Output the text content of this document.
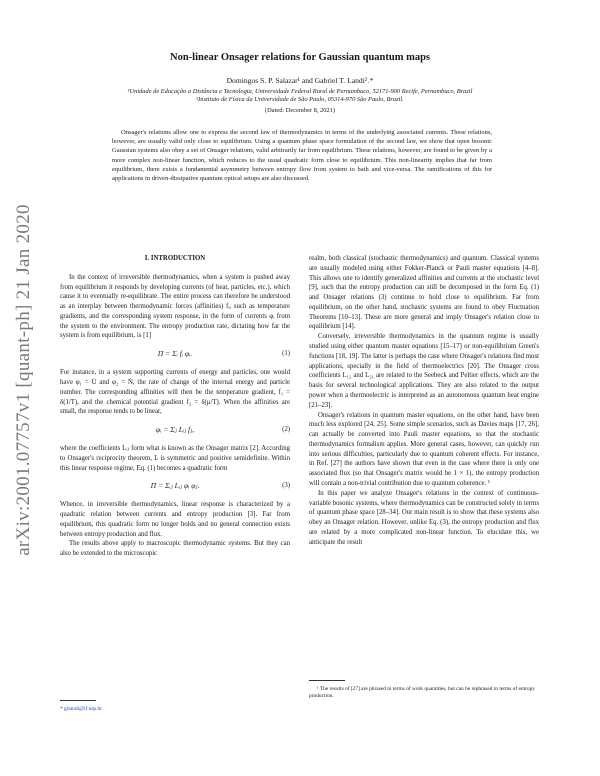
arXiv:2001.07757v1 [quant-ph] 21 Jan 2020
Non-linear Onsager relations for Gaussian quantum maps
Domingos S. P. Salazar¹ and Gabriel T. Landi²˒*
¹Unidade de Educação a Distância e Tecnologia, Universidade Federal Rural de Pernambuco, 52171-900 Recife, Pernambuco, Brazil
²Instituto de Física da Universidade de São Paulo, 05314-970 São Paulo, Brazil.
(Dated: December 8, 2021)
Onsager's relations allow one to express the second law of thermodynamics in terms of the underlying associated currents. These relations, however, are usually valid only close to equilibrium. Using a quantum phase space formulation of the second law, we show that open bosonic Gaussian systems also obey a set of Onsager relations, valid arbitrarily far from equilibrium. These relations, however, are found to be given by a more complex non-linear function, which reduces to the usual quadratic form close to equilibrium. This non-linearity implies that far from equilibrium, there exists a fundamental asymmetry between entropy flow from system to bath and vice-versa. The ramifications of this for applications in driven-dissipative quantum optical setups are also discussed.
I. INTRODUCTION

In the context of irreversible thermodynamics, when a system is pushed away from equilibrium it responds by developing currents (of heat, particles, etc.), which cause it to eventually re-equilibrate. The entire process can therefore be understood as an interplay between thermodynamic forces (affinities) fᵢ, such as temperature gradients, and the corresponding system response, in the form of currents φᵢ from the system to the environment. The entropy production rate, dictating how far the system is from equilibrium, is [1]

Π = Σᵢ fᵢ φᵢ.	(1)

For instance, in a system supporting currents of energy and particles, one would have φ₁ = U̇ and φ₂ = Ṅ, the rate of change of the internal energy and particle number. The corresponding affinities will then be the temperature gradient, f₁ = δ(1/T), and the chemical potential gradient f₂ = δ(μ/T). When the affinities are small, the response tends to be linear,

φᵢ = Σⱼ Lᵢⱼ fⱼ,	(2)

where the coefficients Lᵢⱼ form what is known as the Onsager matrix [2]. According to Onsager's reciprocity theorem, L is symmetric and positive semidefinite. Within this linear response regime, Eq. (1) becomes a quadratic form

Π = Σᵢⱼ Lᵢⱼ φᵢ φⱼ.	(3)

Whence, in irreversible thermodynamics, linear response is characterized by a quadratic relation between currents and entropy production [3]. Far from equilibrium, this quadratic form no longer holds and no general connection exists between entropy production and flux.

The results above apply to macroscopic thermodynamic systems. But they can also be extended to the microscopic

* gtlandi@if.usp.br

realm, both classical (stochastic thermodynamics) and quantum. Classical systems are usually modeled using either Fokker-Planck or Pauli master equations [4–8]. This allows one to identify generalized affinities and currents at the stochastic level [9], such that the entropy production can still be decomposed in the form Eq. (1) and Onsager relations (3) continue to hold close to equilibrium. Far from equilibrium, on the other hand, stochastic systems are found to obey Fluctuation Theorems [10–13]. These are more general and imply Onsager's relation close to equilibrium [14].

Conversely, irreversible thermodynamics in the quantum regime is usually studied using either quantum master equations [15–17] or non-equilibrium Green's functions [18, 19]. The latter is perhaps the case where Onsager's relations find most applications, specially in the field of thermoelectrics [20]. The Onsager cross coefficients L₁₂ and L₂₁ are related to the Seebeck and Peltier effects, which are the basis for several technological applications. They are also related to the output power when a thermoelectric is interpreted as an autonomous quantum heat engine [21–23].

Onsager's relations in quantum master equations, on the other hand, have been much less explored [24, 25]. Some simple scenarios, such as Davies maps [17, 26], can actually be converted into Pauli master equations, so that the stochastic thermodynamics formalism applies. More general cases, however, can quickly run into serious difficulties, particularly due to quantum coherent effects. For instance, in Ref. [27] the authors have shown that even in the case where there is only one associated flux (so that Onsager's matrix would be 1 × 1), the entropy production will contain a non-trivial contribution due to quantum coherence. ¹

In this paper we analyze Onsager's relations in the context of continuous-variable bosonic systems, where thermodynamics can be constructed solely in terms of quantum phase space [28–34]. Our main result is to show that these systems also obey an Onsager relation. However, unlike Eq. (3), the entropy production and flux are related by a more complicated non-linear function. To elucidate this, we anticipate the result

¹ The results of [27] are phrased in terms of work quantities, but can be rephrased in terms of entropy production.
